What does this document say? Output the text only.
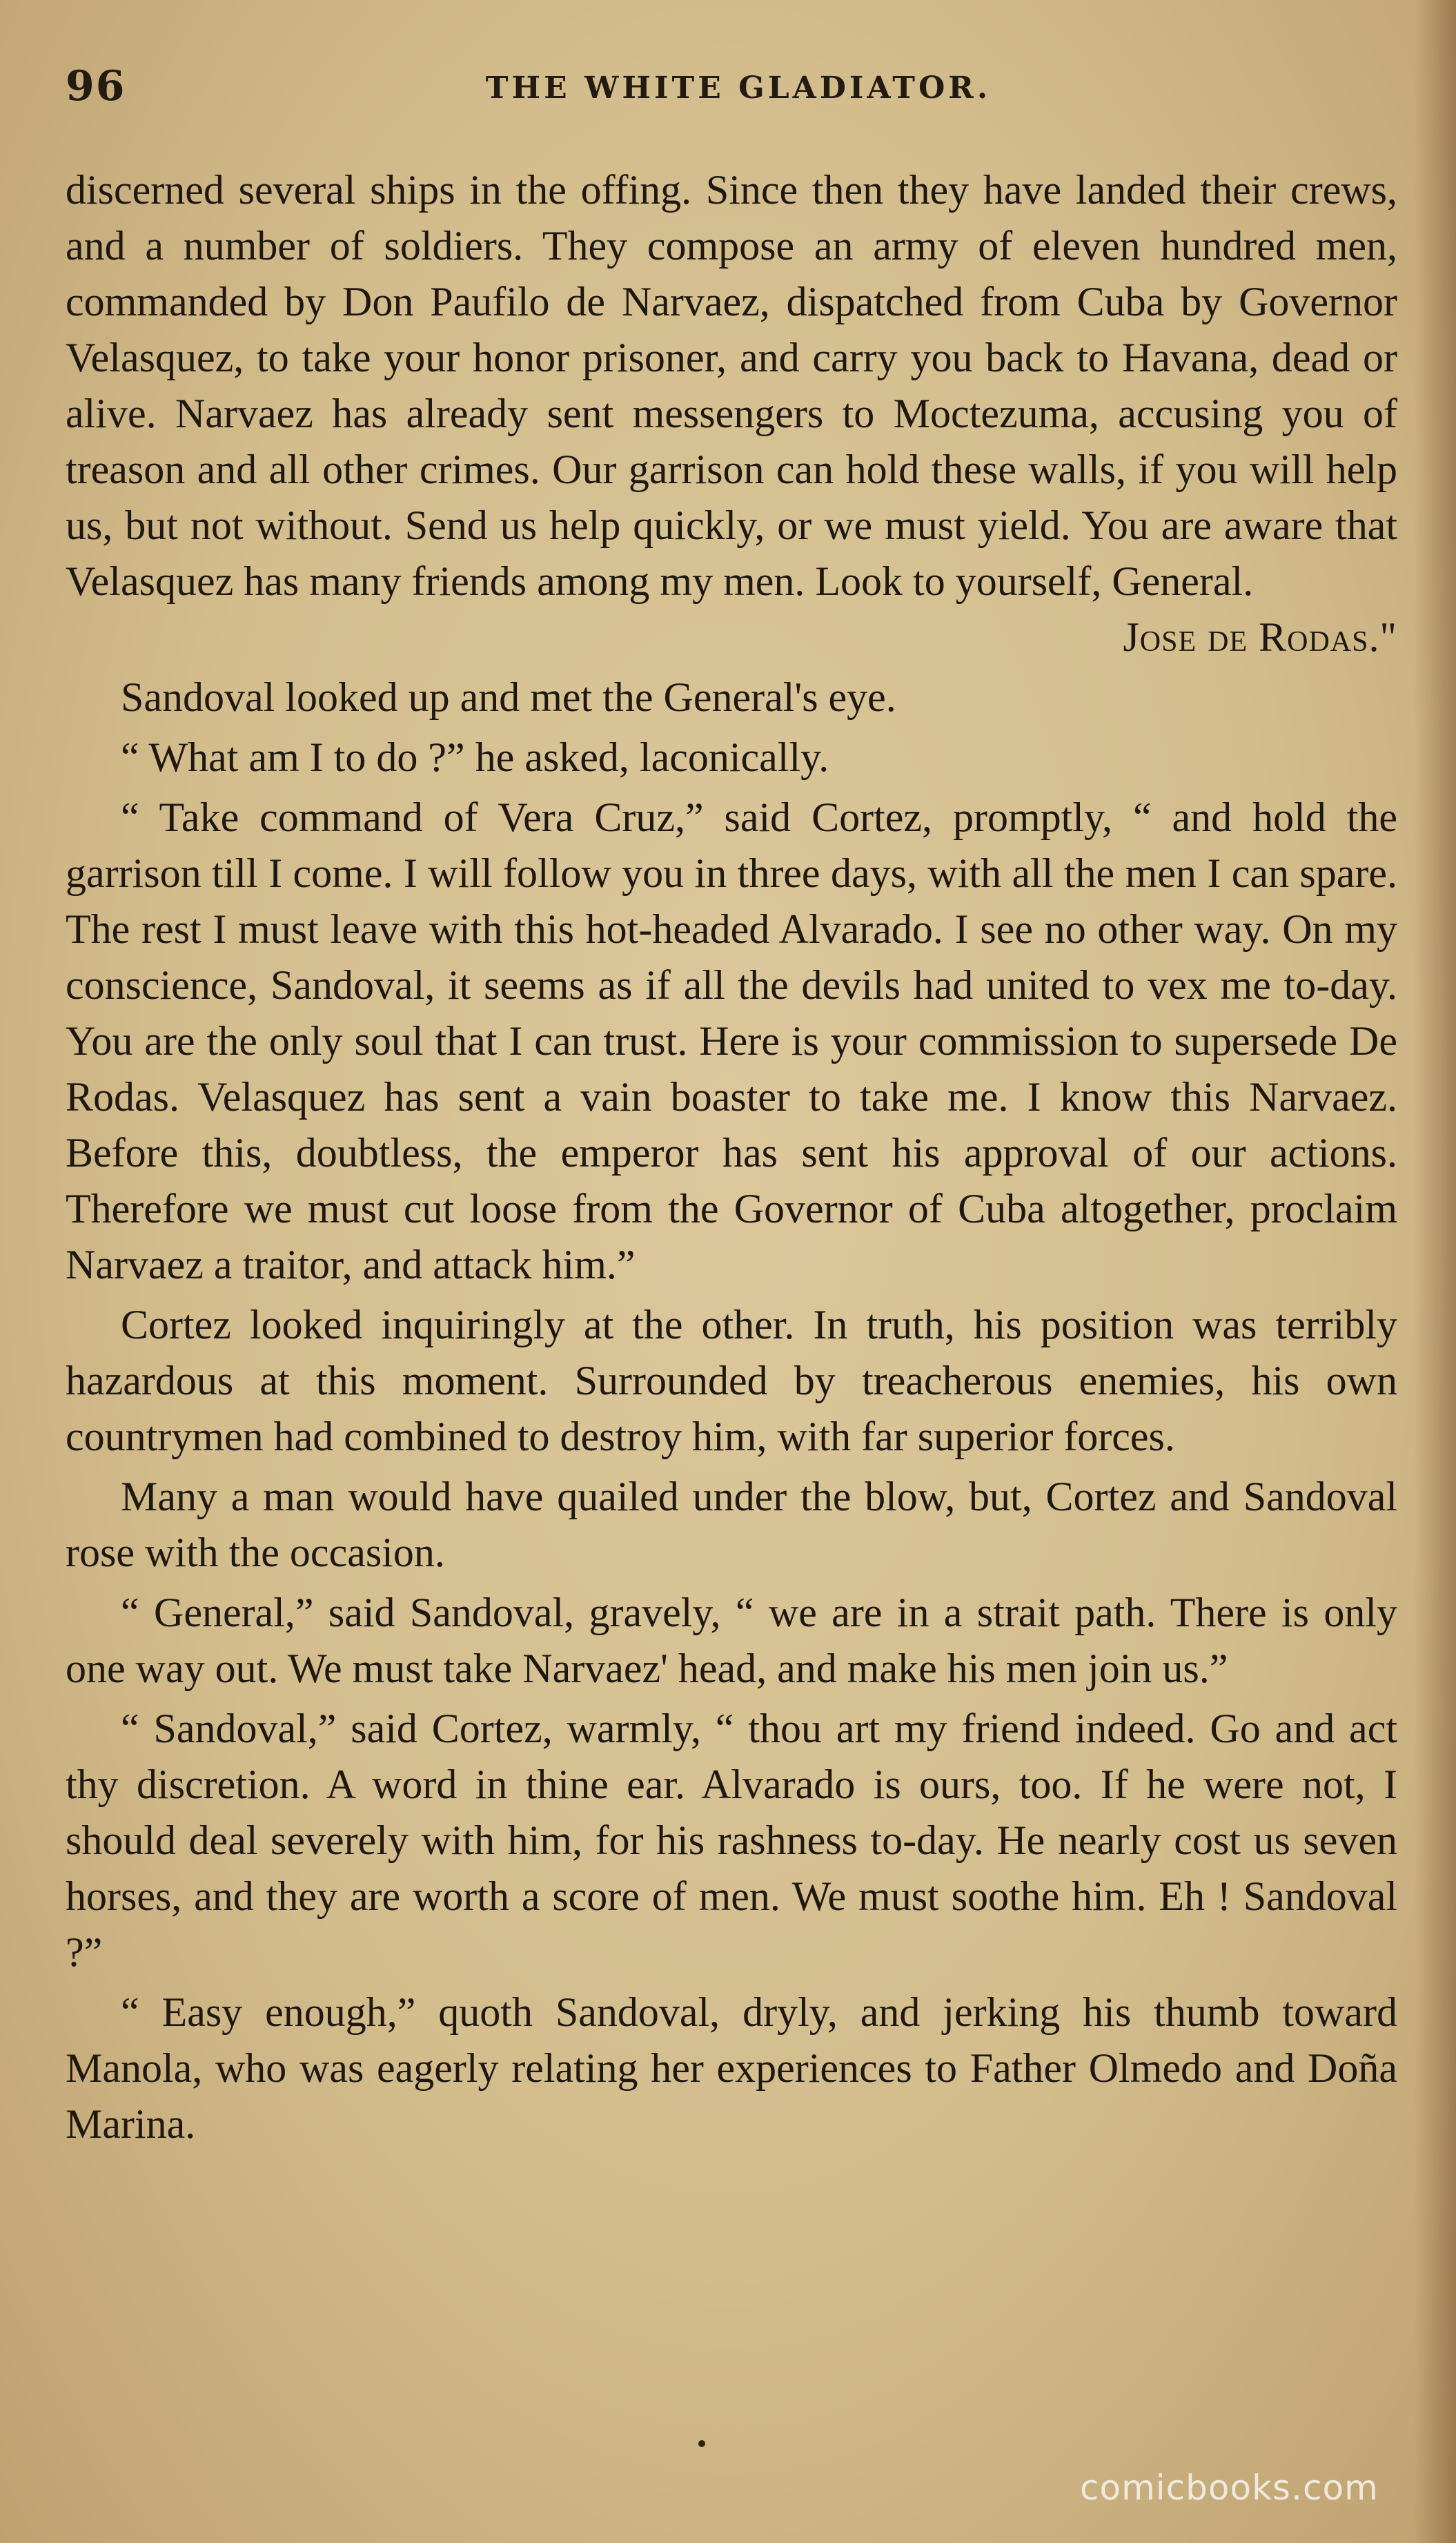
96	THE WHITE GLADIATOR.

discerned several ships in the offing. Since then they have landed their crews, and a number of soldiers. They compose an army of eleven hundred men, commanded by Don Paufilo de Narvaez, dispatched from Cuba by Governor Velasquez, to take your honor prisoner, and carry you back to Havana, dead or alive. Narvaez has already sent messengers to Moctezuma, accusing you of treason and all other crimes. Our garrison can hold these walls, if you will help us, but not without. Send us help quickly, or we must yield. You are aware that Velasquez has many friends among my men. Look to yourself, General.
Jose de Rodas."

Sandoval looked up and met the General's eye.

“ What am I to do ?” he asked, laconically.

“ Take command of Vera Cruz,” said Cortez, promptly, “ and hold the garrison till I come. I will follow you in three days, with all the men I can spare. The rest I must leave with this hot-headed Alvarado. I see no other way. On my conscience, Sandoval, it seems as if all the devils had united to vex me to-day. You are the only soul that I can trust. Here is your commission to supersede De Rodas. Velasquez has sent a vain boaster to take me. I know this Narvaez. Before this, doubtless, the emperor has sent his approval of our actions. Therefore we must cut loose from the Governor of Cuba altogether, proclaim Narvaez a traitor, and attack him.”

Cortez looked inquiringly at the other. In truth, his position was terribly hazardous at this moment. Surrounded by treacherous enemies, his own countrymen had combined to destroy him, with far superior forces.

Many a man would have quailed under the blow, but, Cortez and Sandoval rose with the occasion.

“ General,” said Sandoval, gravely, “ we are in a strait path. There is only one way out. We must take Narvaez' head, and make his men join us.”

“ Sandoval,” said Cortez, warmly, “ thou art my friend indeed. Go and act thy discretion. A word in thine ear. Alvarado is ours, too. If he were not, I should deal severely with him, for his rashness to-day. He nearly cost us seven horses, and they are worth a score of men. We must soothe him. Eh ! Sandoval ?”

“ Easy enough,” quoth Sandoval, dryly, and jerking his thumb toward Manola, who was eagerly relating her experiences to Father Olmedo and Doña Marina.

comicbooks.com
